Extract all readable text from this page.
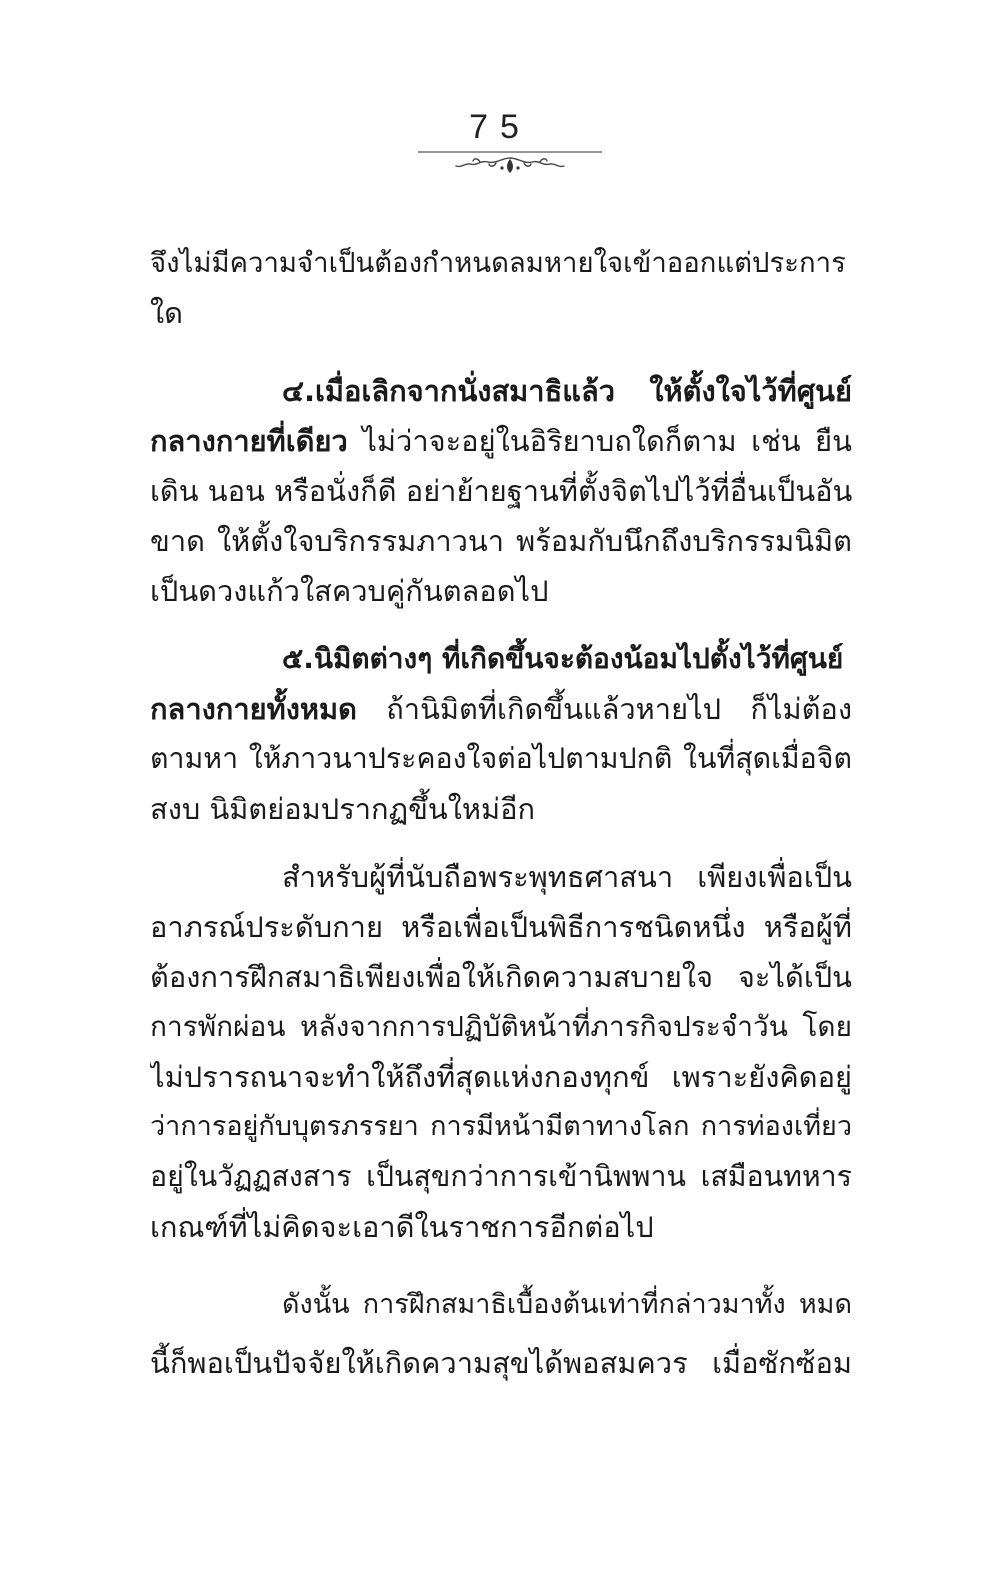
75
จึงไม่มีความจำเป็นต้องกำหนดลมหายใจเข้าออกแต่ประการ
ใด
๔.เมื่อเลิกจากนั่งสมาธิแล้ว ให้ตั้งใจไว้ที่ศูนย์
กลางกายที่เดียว ไม่ว่าจะอยู่ในอิริยาบถใดก็ตาม เช่น ยืน
เดิน นอน หรือนั่งก็ดี อย่าย้ายฐานที่ตั้งจิตไปไว้ที่อื่นเป็นอัน
ขาด ให้ตั้งใจบริกรรมภาวนา พร้อมกับนึกถึงบริกรรมนิมิต
เป็นดวงแก้วใสควบคู่กันตลอดไป
๕.นิมิตต่างๆ ที่เกิดขึ้นจะต้องน้อมไปตั้งไว้ที่ศูนย์
กลางกายทั้งหมด ถ้านิมิตที่เกิดขึ้นแล้วหายไป ก็ไม่ต้อง
ตามหา ให้ภาวนาประคองใจต่อไปตามปกติ ในที่สุดเมื่อจิต
สงบ นิมิตย่อมปรากฏขึ้นใหม่อีก
สำหรับผู้ที่นับถือพระพุทธศาสนา เพียงเพื่อเป็น
อาภรณ์ประดับกาย หรือเพื่อเป็นพิธีการชนิดหนึ่ง หรือผู้ที่
ต้องการฝึกสมาธิเพียงเพื่อให้เกิดความสบายใจ จะได้เป็น
การพักผ่อน หลังจากการปฏิบัติหน้าที่ภารกิจประจำวัน โดย
ไม่ปรารถนาจะทำให้ถึงที่สุดแห่งกองทุกข์ เพราะยังคิดอยู่
ว่าการอยู่กับบุตรภรรยา การมีหน้ามีตาทางโลก การท่องเที่ยว
อยู่ในวัฏฏสงสาร เป็นสุขกว่าการเข้านิพพาน เสมือนทหาร
เกณฑ์ที่ไม่คิดจะเอาดีในราชการอีกต่อไป
ดังนั้น การฝึกสมาธิเบื้องต้นเท่าที่กล่าวมาทั้ง หมด
นี้ก็พอเป็นปัจจัยให้เกิดความสุขได้พอสมควร เมื่อซักซ้อม
